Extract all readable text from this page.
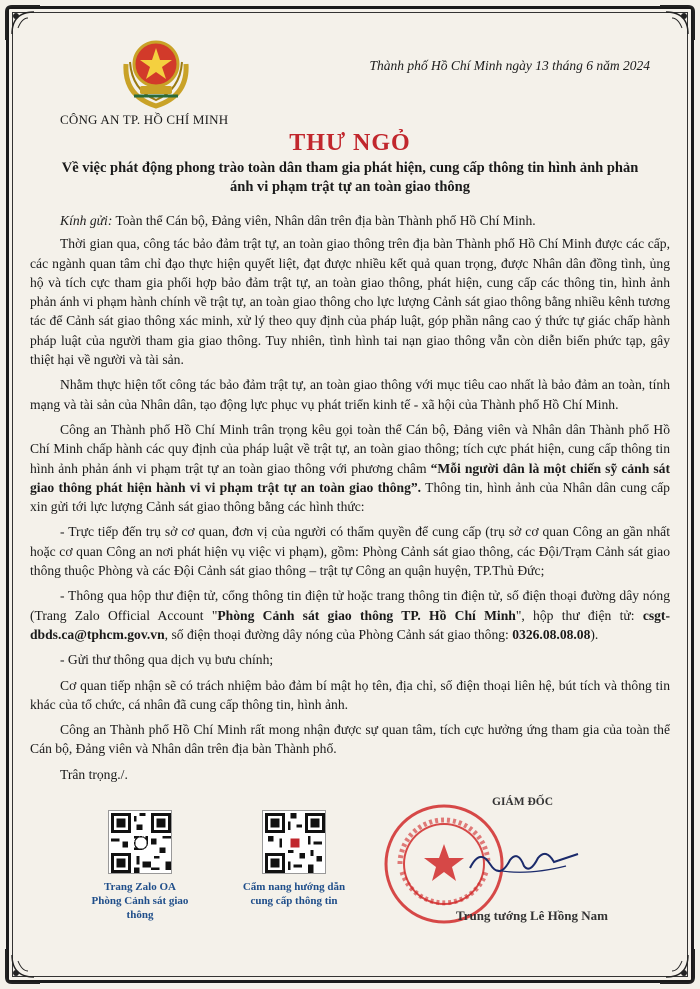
CÔNG AN TP. HỒ CHÍ MINH
Thành phố Hồ Chí Minh ngày 13 tháng 6 năm 2024
THƯ NGỎ
Về việc phát động phong trào toàn dân tham gia phát hiện, cung cấp thông tin hình ảnh phản ánh vi phạm trật tự an toàn giao thông

Kính gửi: Toàn thể Cán bộ, Đảng viên, Nhân dân trên địa bàn Thành phố Hồ Chí Minh.

Thời gian qua, công tác bảo đảm trật tự, an toàn giao thông trên địa bàn Thành phố Hồ Chí Minh được các cấp, các ngành quan tâm chỉ đạo thực hiện quyết liệt, đạt được nhiều kết quả quan trọng, được Nhân dân đồng tình, ủng hộ và tích cực tham gia phối hợp bảo đảm trật tự, an toàn giao thông, phát hiện, cung cấp các thông tin, hình ảnh phản ánh vi phạm hành chính về trật tự, an toàn giao thông cho lực lượng Cảnh sát giao thông bằng nhiều kênh tương tác để Cảnh sát giao thông xác minh, xử lý theo quy định của pháp luật, góp phần nâng cao ý thức tự giác chấp hành pháp luật của người tham gia giao thông. Tuy nhiên, tình hình tai nạn giao thông vẫn còn diễn biến phức tạp, gây thiệt hại về người và tài sản.

Nhằm thực hiện tốt công tác bảo đảm trật tự, an toàn giao thông với mục tiêu cao nhất là bảo đảm an toàn, tính mạng và tài sản của Nhân dân, tạo động lực phục vụ phát triển kinh tế - xã hội của Thành phố Hồ Chí Minh.

Công an Thành phố Hồ Chí Minh trân trọng kêu gọi toàn thể Cán bộ, Đảng viên và Nhân dân Thành phố Hồ Chí Minh chấp hành các quy định của pháp luật về trật tự, an toàn giao thông; tích cực phát hiện, cung cấp thông tin hình ảnh phản ánh vi phạm trật tự an toàn giao thông với phương châm “Mỗi người dân là một chiến sỹ cảnh sát giao thông phát hiện hành vi vi phạm trật tự an toàn giao thông”. Thông tin, hình ảnh của Nhân dân cung cấp xin gửi tới lực lượng Cảnh sát giao thông bằng các hình thức:

- Trực tiếp đến trụ sở cơ quan, đơn vị của người có thẩm quyền để cung cấp (trụ sở cơ quan Công an gần nhất hoặc cơ quan Công an nơi phát hiện vụ việc vi phạm), gồm: Phòng Cảnh sát giao thông, các Đội/Trạm Cảnh sát giao thông thuộc Phòng và các Đội Cảnh sát giao thông – trật tự Công an quận huyện, TP.Thủ Đức;

- Thông qua hộp thư điện tử, cổng thông tin điện tử hoặc trang thông tin điện tử, số điện thoại đường dây nóng (Trang Zalo Official Account "Phòng Cảnh sát giao thông TP. Hồ Chí Minh", hộp thư điện tử: csgt-dbds.ca@tphcm.gov.vn, số điện thoại đường dây nóng của Phòng Cảnh sát giao thông: 0326.08.08.08).

- Gửi thư thông qua dịch vụ bưu chính;

Cơ quan tiếp nhận sẽ có trách nhiệm bảo đảm bí mật họ tên, địa chỉ, số điện thoại liên hệ, bút tích và thông tin khác của tổ chức, cá nhân đã cung cấp thông tin, hình ảnh.

Công an Thành phố Hồ Chí Minh rất mong nhận được sự quan tâm, tích cực hưởng ứng tham gia của toàn thể Cán bộ, Đảng viên và Nhân dân trên địa bàn Thành phố.

Trân trọng./.

Trang Zalo OA
Phòng Cảnh sát giao thông
Cẩm nang hướng dẫn
cung cấp thông tin
GIÁM ĐỐC
Trung tướng Lê Hồng Nam
